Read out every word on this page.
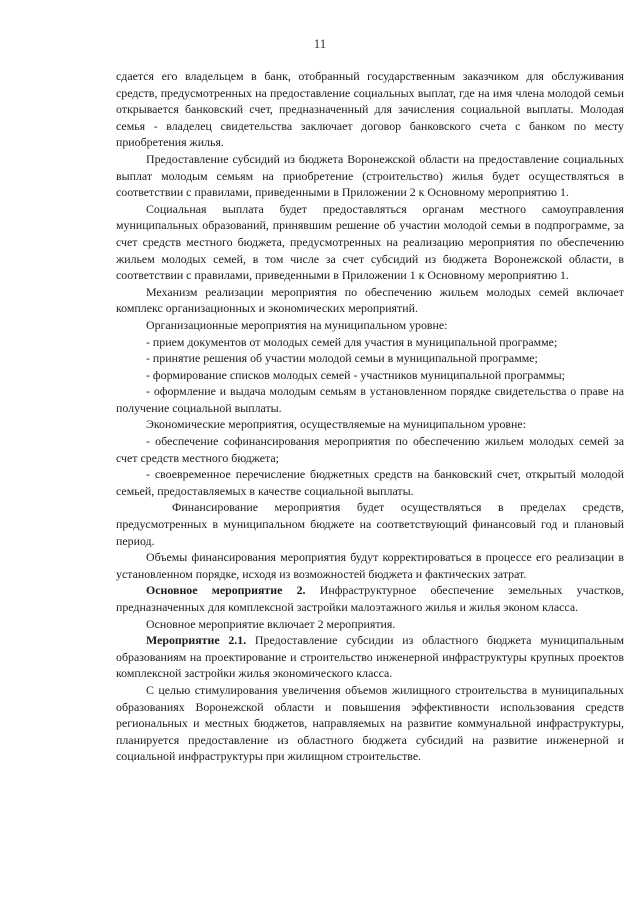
11

сдается его владельцем в банк, отобранный государственным заказчиком для обслуживания средств, предусмотренных на предоставление социальных выплат, где на имя члена молодой семьи открывается банковский счет, предназначенный для зачисления социальной выплаты. Молодая семья - владелец свидетельства заключает договор банковского счета с банком по месту приобретения жилья.

Предоставление субсидий из бюджета Воронежской области на предоставление социальных выплат молодым семьям на приобретение (строительство) жилья будет осуществляться в соответствии с правилами, приведенными в Приложении 2 к Основному мероприятию 1.

Социальная выплата будет предоставляться органам местного самоуправления муниципальных образований, принявшим решение об участии молодой семьи в подпрограмме, за счет средств местного бюджета, предусмотренных на реализацию мероприятия по обеспечению жильем молодых семей, в том числе за счет субсидий из бюджета Воронежской области, в соответствии с правилами, приведенными в Приложении 1 к Основному мероприятию 1.

Механизм реализации мероприятия по обеспечению жильем молодых семей включает комплекс организационных и экономических мероприятий.

Организационные мероприятия на муниципальном уровне:

- прием документов от молодых семей для участия в муниципальной программе;

- принятие решения об участии молодой семьи в муниципальной программе;

- формирование списков молодых семей - участников муниципальной программы;

- оформление и выдача молодым семьям в установленном порядке свидетельства о праве на получение социальной выплаты.

Экономические мероприятия, осуществляемые на муниципальном уровне:

- обеспечение софинансирования мероприятия по обеспечению жильем молодых семей за счет средств местного бюджета;

- своевременное перечисление бюджетных средств на банковский счет, открытый молодой семьей, предоставляемых в качестве социальной выплаты.

Финансирование мероприятия будет осуществляться в пределах средств, предусмотренных в муниципальном бюджете на соответствующий финансовый год и плановый период.

Объемы финансирования мероприятия будут корректироваться в процессе его реализации в установленном порядке, исходя из возможностей бюджета и фактических затрат.

Основное мероприятие 2. Инфраструктурное обеспечение земельных участков, предназначенных для комплексной застройки малоэтажного жилья и жилья эконом класса.

Основное мероприятие включает 2 мероприятия.

Мероприятие 2.1. Предоставление субсидии из областного бюджета муниципальным образованиям на проектирование и строительство инженерной инфраструктуры крупных проектов комплексной застройки жилья экономического класса.

С целью стимулирования увеличения объемов жилищного строительства в муниципальных образованиях Воронежской области и повышения эффективности использования средств региональных и местных бюджетов, направляемых на развитие коммунальной инфраструктуры, планируется предоставление из областного бюджета субсидий на развитие инженерной и социальной инфраструктуры при жилищном строительстве.
